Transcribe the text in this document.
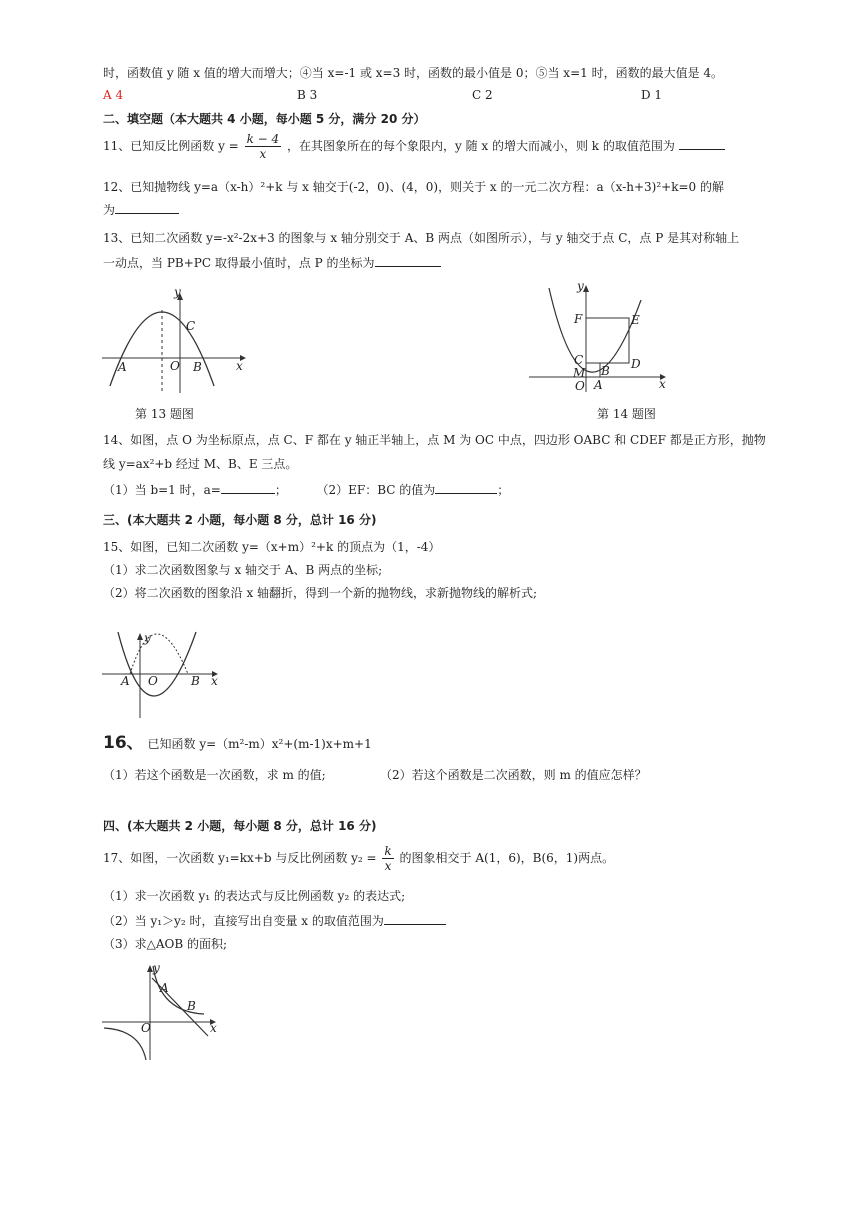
时，函数值 y 随 x 值的增大而增大；④当 x=-1 或 x=3 时，函数的最小值是 0；⑤当 x=1 时，函数的最大值是 4。
A 4	B 3	C 2	D 1
二、填空题（本大题共 4 小题，每小题 5 分，满分 20 分）
11、已知反比例函数 $y = \frac{k - 4}{x}$ ，在其图象所在的每个象限内，y 随 x 的增大而减小，则 k 的取值范围为
12、已知抛物线 y=a（x-h）²+k 与 x 轴交于(-2，0)、(4，0)，则关于 x 的一元二次方程：a（x-h+3)²+k=0 的解
为
13、已知二次函数 y=-x²-2x+3 的图象与 x 轴分别交于 A、B 两点（如图所示），与 y 轴交于点 C，点 P 是其对称轴上
一动点，当 PB+PC 取得最小值时，点 P 的坐标为
y
x
A	O B
C
y
x
F	E
C	D
M B
O A
第 13 题图	第 14 题图
14、如图，点 O 为坐标原点，点 C、F 都在 y 轴正半轴上，点 M 为 OC 中点，四边形 OABC 和 CDEF 都是正方形，抛物
线 y=ax²+b 经过 M、B、E 三点。
（1）当 b=1 时，a=	； （2）EF：BC 的值为	；
三、(本大题共 2 小题，每小题 8 分，总计 16 分)
15、如图，已知二次函数 y=（x+m）²+k 的顶点为（1，-4）
（1）求二次函数图象与 x 轴交于 A、B 两点的坐标;
（2）将二次函数的图象沿 x 轴翻折，得到一个新的抛物线，求新抛物线的解析式;
y
x
A O	B
16、 已知函数 y=（m²-m）x²+(m-1)x+m+1
（1）若这个函数是一次函数，求 m 的值;	（2）若这个函数是二次函数，则 m 的值应怎样？
四、(本大题共 2 小题，每小题 8 分，总计 16 分)
17、如图，一次函数 y₁=kx+b 与反比例函数 $y_2 = \frac{k}{x}$ 的图象相交于 A(1，6)，B(6，1)两点。
（1）求一次函数 y₁ 的表达式与反比例函数 y₂ 的表达式;
（2）当 y₁＞y₂ 时，直接写出自变量 x 的取值范围为
（3）求△AOB 的面积;
y
x
A
B
O
